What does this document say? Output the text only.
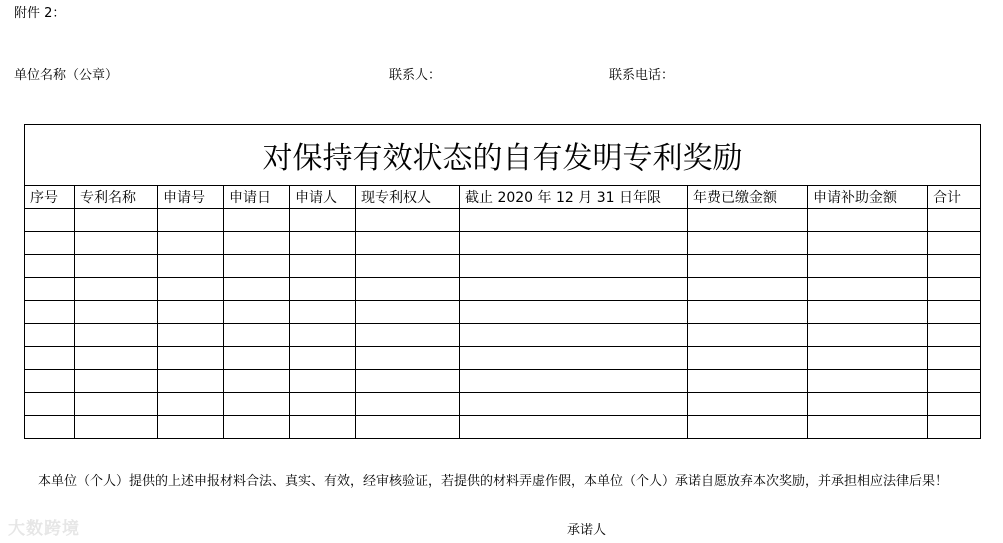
附件 2：
单位名称（公章）	联系人：	联系电话：
对保持有效状态的自有发明专利奖励									
序号	专利名称	申请号	申请日	申请人	现专利权人	截止 2020 年 12 月 31 日年限	年费已缴金额	申请补助金额	合计

本单位（个人）提供的上述申报材料合法、真实、有效，经审核验证，若提供的材料弄虚作假，本单位（个人）承诺自愿放弃本次奖励，并承担相应法律后果！
大数跨境	承诺人
